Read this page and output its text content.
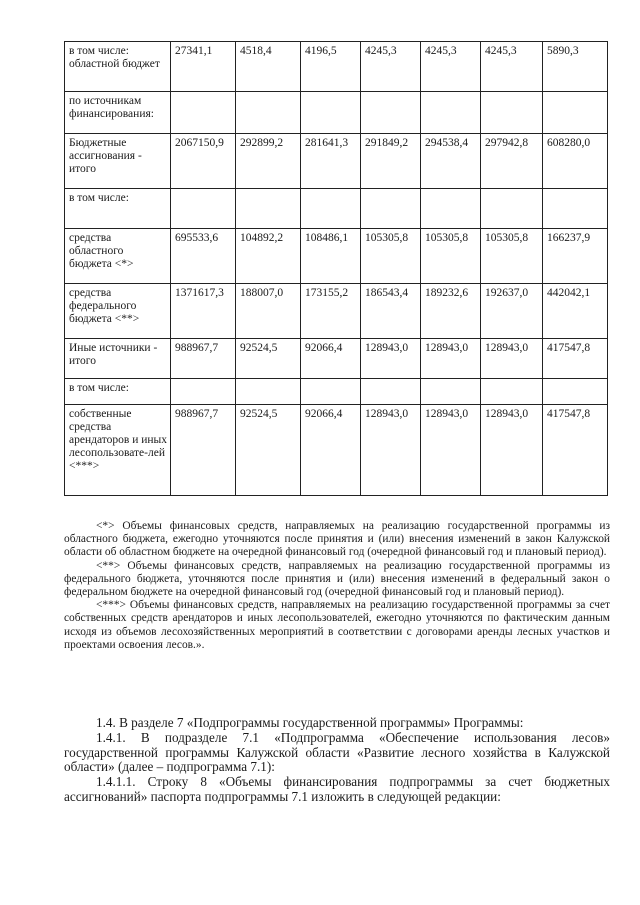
в том числе: областной бюджет	27341,1	4518,4	4196,5	4245,3	4245,3	4245,3	5890,3
по источникам финансирования:							
Бюджетные ассигнования - итого	2067150,9	292899,2	281641,3	291849,2	294538,4	297942,8	608280,0
в том числе:							
средства областного бюджета <*>	695533,6	104892,2	108486,1	105305,8	105305,8	105305,8	166237,9
средства федерального бюджета <**>	1371617,3	188007,0	173155,2	186543,4	189232,6	192637,0	442042,1
Иные источники - итого	988967,7	92524,5	92066,4	128943,0	128943,0	128943,0	417547,8
в том числе:							
собственные средства арендаторов и иных лесопользовате-лей <***>	988967,7	92524,5	92066,4	128943,0	128943,0	128943,0	417547,8

<*> Объемы финансовых средств, направляемых на реализацию государственной программы из областного бюджета, ежегодно уточняются после принятия и (или) внесения изменений в закон Калужской области об областном бюджете на очередной финансовый год (очередной финансовый год и плановый период).

<**> Объемы финансовых средств, направляемых на реализацию государственной программы из федерального бюджета, уточняются после принятия и (или) внесения изменений в федеральный закон о федеральном бюджете на очередной финансовый год (очередной финансовый год и плановый период).

<***> Объемы финансовых средств, направляемых на реализацию государственной программы за счет собственных средств арендаторов и иных лесопользователей, ежегодно уточняются по фактическим данным исходя из объемов лесохозяйственных мероприятий в соответствии с договорами аренды лесных участков и проектами освоения лесов.».

1.4. В разделе 7 «Подпрограммы государственной программы» Программы:

1.4.1. В подразделе 7.1 «Подпрограмма «Обеспечение использования лесов» государственной программы Калужской области «Развитие лесного хозяйства в Калужской области» (далее – подпрограмма 7.1):

1.4.1.1. Строку 8 «Объемы финансирования подпрограммы за счет бюджетных ассигнований» паспорта подпрограммы 7.1 изложить в следующей редакции:
